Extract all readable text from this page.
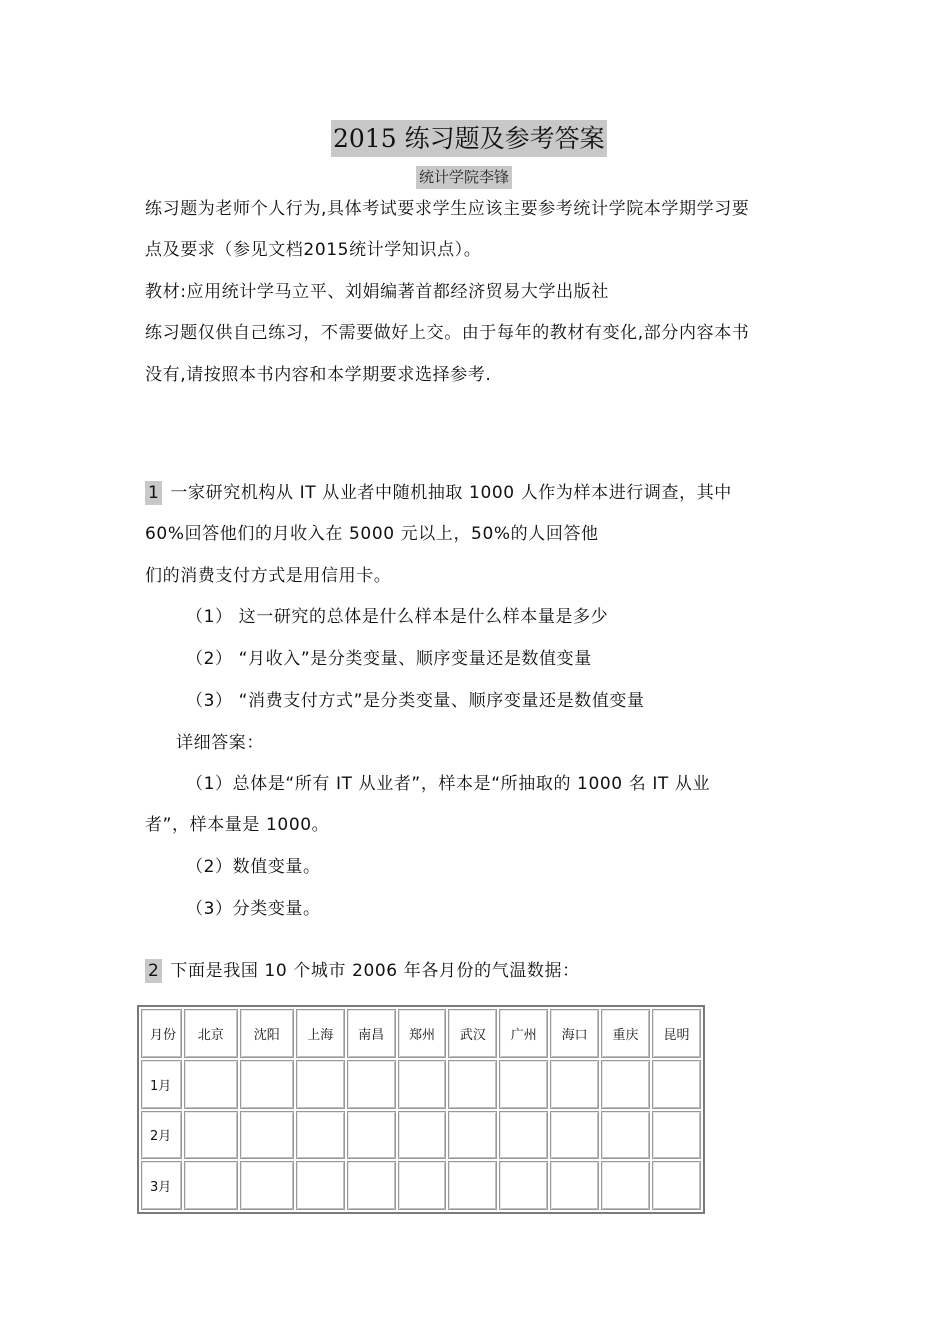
2015 练习题及参考答案
统计学院李锋
练习题为老师个人行为,具体考试要求学生应该主要参考统计学院本学期学习要
点及要求（参见文档2015统计学知识点）。
教材:应用统计学马立平、刘娟编著首都经济贸易大学出版社
练习题仅供自己练习，不需要做好上交。由于每年的教材有变化,部分内容本书
没有,请按照本书内容和本学期要求选择参考.
1 一家研究机构从 IT 从业者中随机抽取 1000 人作为样本进行调查，其中
60%回答他们的月收入在 5000 元以上，50%的人回答他
们的消费支付方式是用信用卡。
（1） 这一研究的总体是什么样本是什么样本量是多少
（2） “月收入”是分类变量、顺序变量还是数值变量
（3） “消费支付方式”是分类变量、顺序变量还是数值变量
详细答案：
（1）总体是“所有 IT 从业者”，样本是“所抽取的 1000 名 IT 从业
者”，样本量是 1000。
（2）数值变量。
（3）分类变量。
2 下面是我国 10 个城市 2006 年各月份的气温数据：
月份	北京	沈阳	上海	南昌	郑州	武汉	广州	海口	重庆	昆明
1月										
2月										
3月										
